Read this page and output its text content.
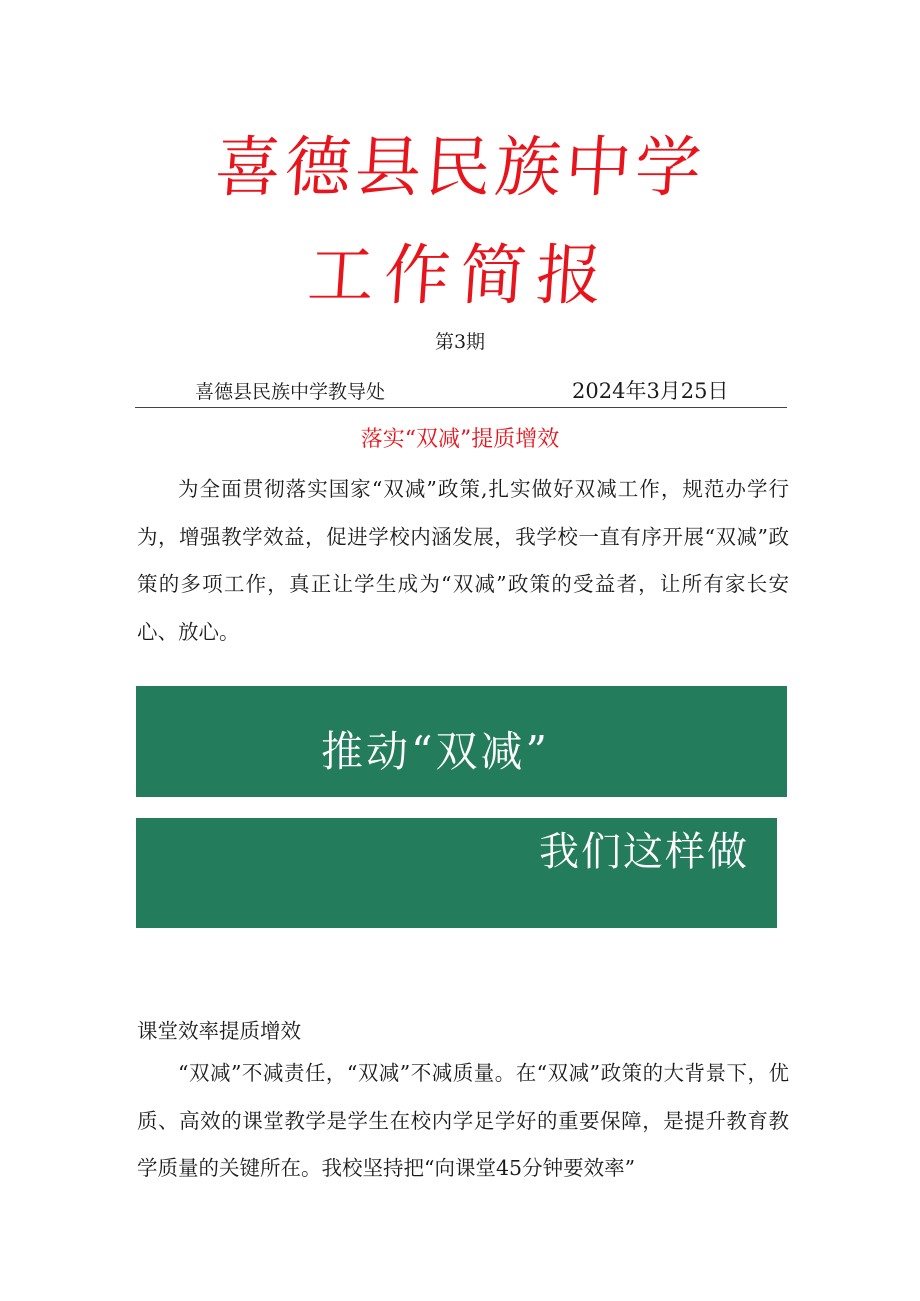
喜德县民族中学
工作简报
第3期
喜德县民族中学教导处	2024年3月25日
落实“双减”提质增效

为全面贯彻落实国家“双减”政策,扎实做好双减工作，规范办学行为，增强教学效益，促进学校内涵发展，我学校一直有序开展“双减”政策的多项工作，真正让学生成为“双减”政策的受益者，让所有家长安心、放心。

推动“双减”
我们这样做
课堂效率提质增效

“双减”不减责任，“双减”不减质量。在“双减”政策的大背景下，优质、高效的课堂教学是学生在校内学足学好的重要保障，是提升教育教学质量的关键所在。我校坚持把“向课堂45分钟要效率”
